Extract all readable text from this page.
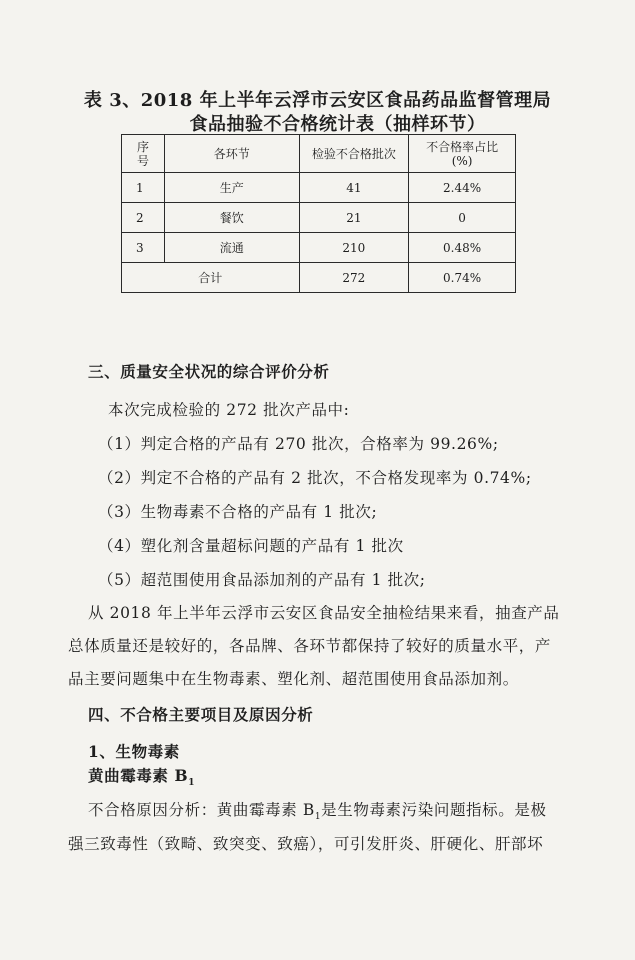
表 3、2018 年上半年云浮市云安区食品药品监督管理局
食品抽验不合格统计表（抽样环节）
序号	各环节	检验不合格批次	不合格率占比(%)
1	生产	41	2.44%
2	餐饮	21	0
3	流通	210	0.48%
合计		272	0.74%
三、质量安全状况的综合评价分析
本次完成检验的 272 批次产品中:
（1）判定合格的产品有 270 批次，合格率为 99.26%;
（2）判定不合格的产品有 2 批次，不合格发现率为 0.74%;
（3）生物毒素不合格的产品有 1 批次;
（4）塑化剂含量超标问题的产品有 1 批次
（5）超范围使用食品添加剂的产品有 1 批次;
从 2018 年上半年云浮市云安区食品安全抽检结果来看，抽查产品
总体质量还是较好的，各品牌、各环节都保持了较好的质量水平，产
品主要问题集中在生物毒素、塑化剂、超范围使用食品添加剂。
四、不合格主要项目及原因分析
1、生物毒素
黄曲霉毒素 $B_1$
不合格原因分析：黄曲霉毒素 $B_1$是生物毒素污染问题指标。是极
强三致毒性（致畸、致突变、致癌），可引发肝炎、肝硬化、肝部坏
